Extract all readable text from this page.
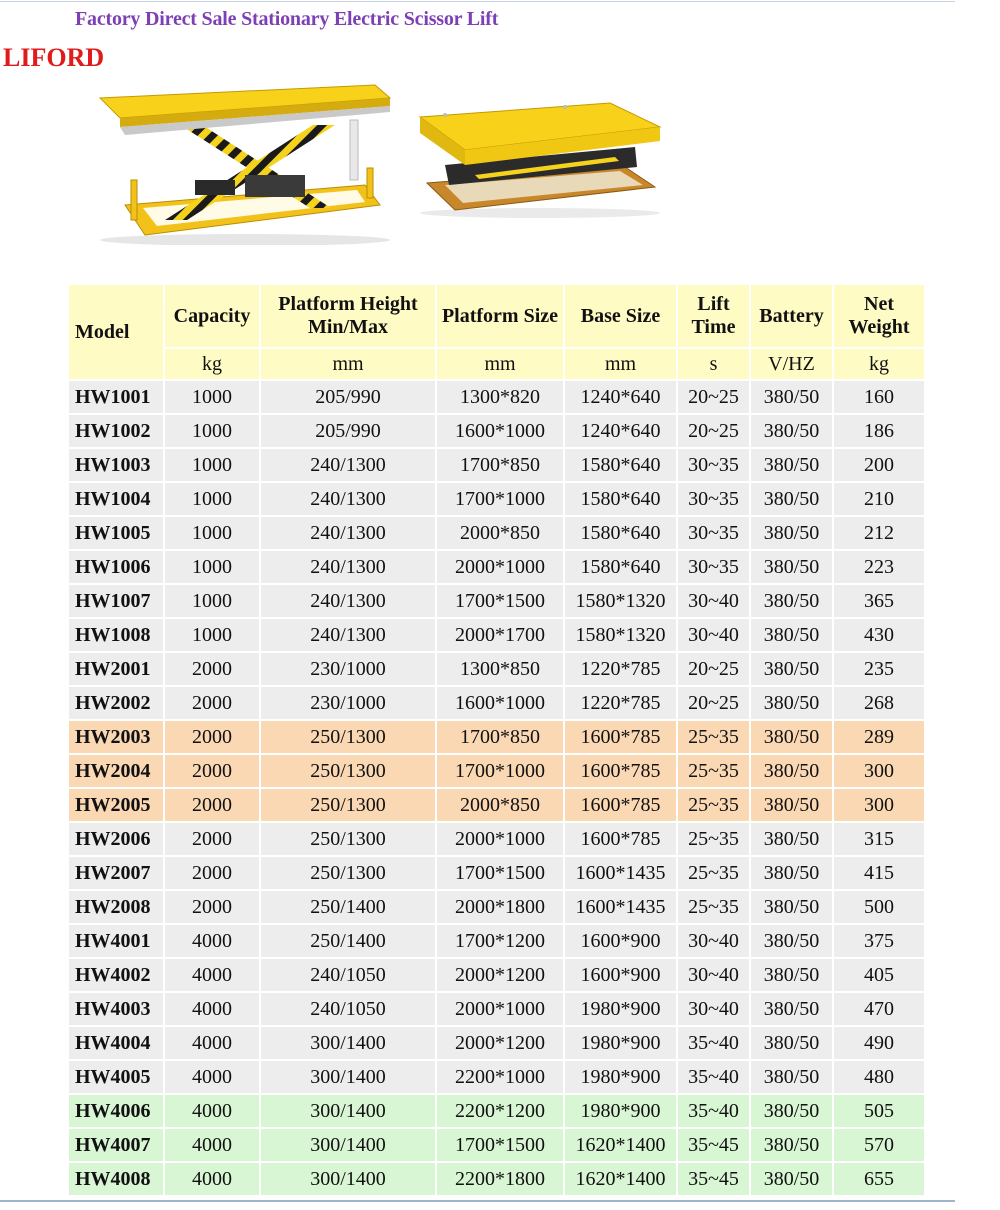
Factory Direct Sale Stationary Electric Scissor Lift
LIFORD
Model	Capacity	Platform Height Min/Max	Platform Size	Base Size	Lift Time	Battery	Net Weight
	kg	mm	mm	mm	s	V/HZ	kg
HW1001	1000	205/990	1300*820	1240*640	20~25	380/50	160
HW1002	1000	205/990	1600*1000	1240*640	20~25	380/50	186
HW1003	1000	240/1300	1700*850	1580*640	30~35	380/50	200
HW1004	1000	240/1300	1700*1000	1580*640	30~35	380/50	210
HW1005	1000	240/1300	2000*850	1580*640	30~35	380/50	212
HW1006	1000	240/1300	2000*1000	1580*640	30~35	380/50	223
HW1007	1000	240/1300	1700*1500	1580*1320	30~40	380/50	365
HW1008	1000	240/1300	2000*1700	1580*1320	30~40	380/50	430
HW2001	2000	230/1000	1300*850	1220*785	20~25	380/50	235
HW2002	2000	230/1000	1600*1000	1220*785	20~25	380/50	268
HW2003	2000	250/1300	1700*850	1600*785	25~35	380/50	289
HW2004	2000	250/1300	1700*1000	1600*785	25~35	380/50	300
HW2005	2000	250/1300	2000*850	1600*785	25~35	380/50	300
HW2006	2000	250/1300	2000*1000	1600*785	25~35	380/50	315
HW2007	2000	250/1300	1700*1500	1600*1435	25~35	380/50	415
HW2008	2000	250/1400	2000*1800	1600*1435	25~35	380/50	500
HW4001	4000	250/1400	1700*1200	1600*900	30~40	380/50	375
HW4002	4000	240/1050	2000*1200	1600*900	30~40	380/50	405
HW4003	4000	240/1050	2000*1000	1980*900	30~40	380/50	470
HW4004	4000	300/1400	2000*1200	1980*900	35~40	380/50	490
HW4005	4000	300/1400	2200*1000	1980*900	35~40	380/50	480
HW4006	4000	300/1400	2200*1200	1980*900	35~40	380/50	505
HW4007	4000	300/1400	1700*1500	1620*1400	35~45	380/50	570
HW4008	4000	300/1400	2200*1800	1620*1400	35~45	380/50	655
